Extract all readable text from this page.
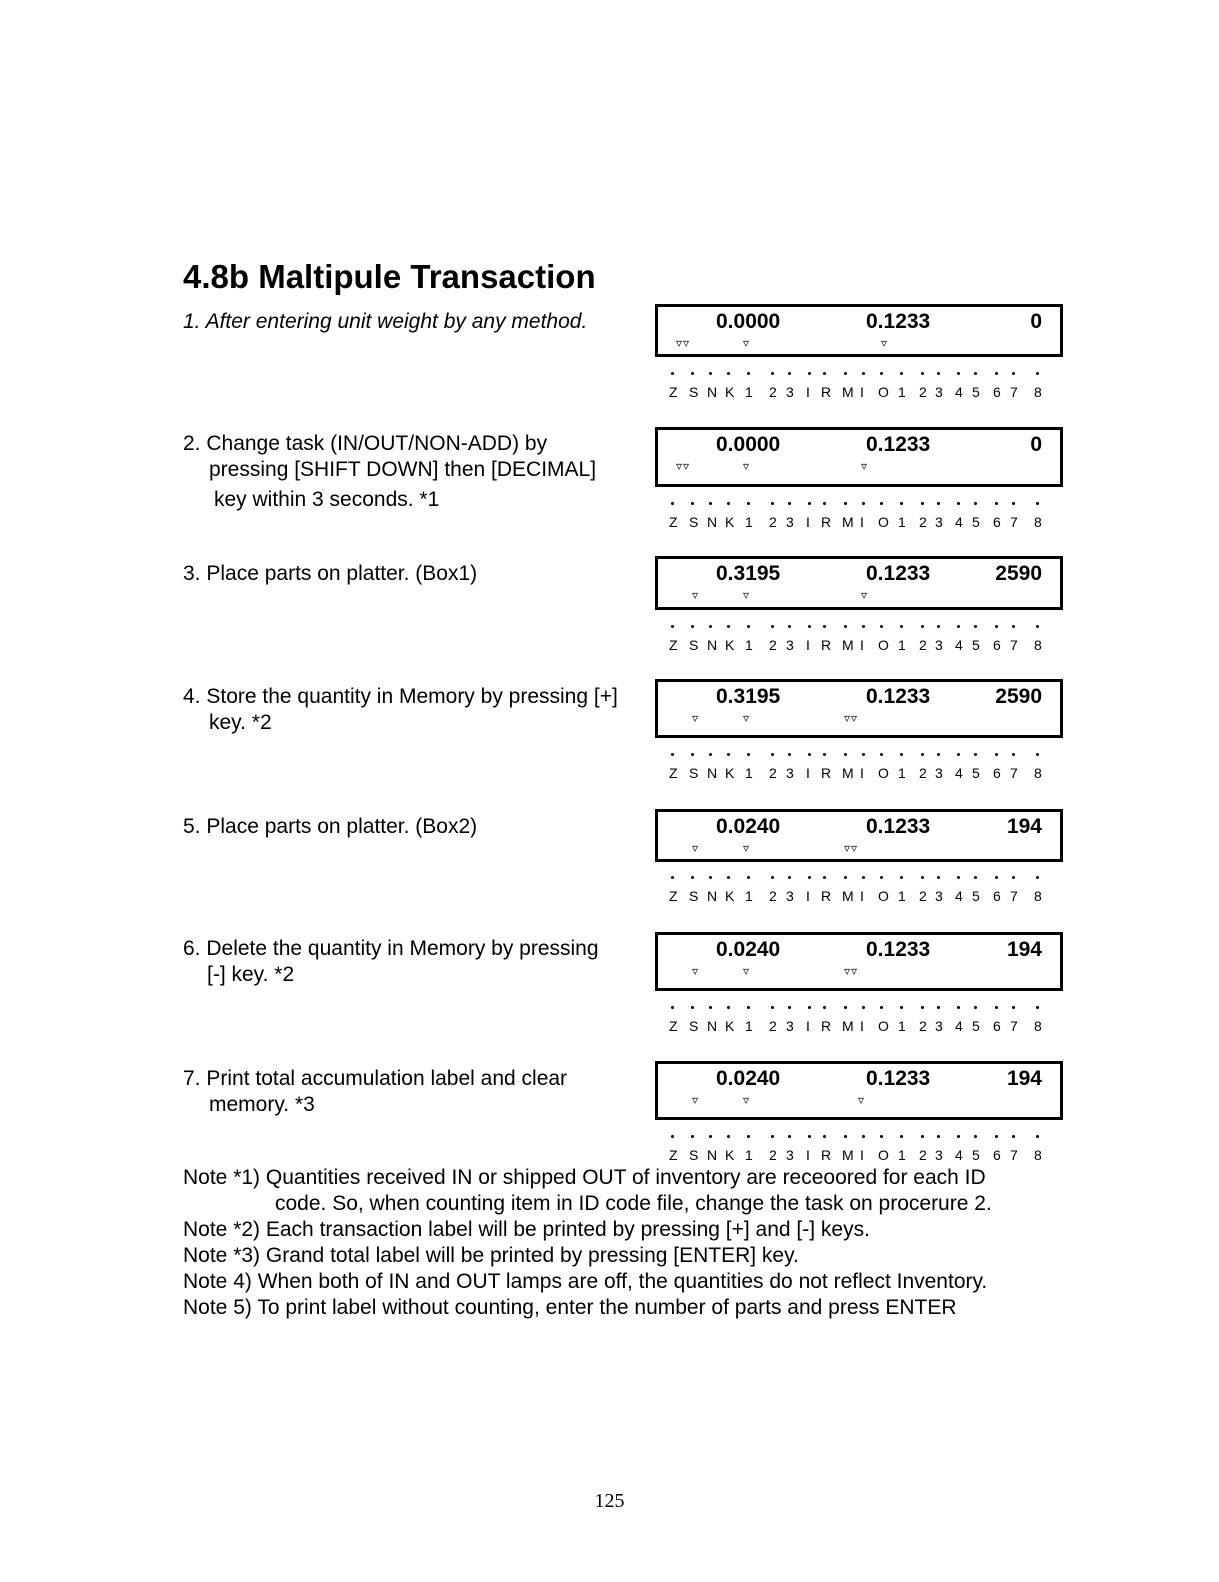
4.8b Maltipule Transaction
1. After entering unit weight by any method.
2. Change task (IN/OUT/NON-ADD) by
pressing [SHIFT DOWN] then [DECIMAL]
key within 3 seconds. *1
3. Place parts on platter. (Box1)
4. Store the quantity in Memory by pressing [+]
key. *2
5. Place parts on platter. (Box2)
6. Delete the quantity in Memory by pressing
[-] key. *2
7. Print total accumulation label and clear
memory. *3
0.0000	0.1233	0
▿▿	▿	▿
Z S N K 1 2 3 I R M I O 1 2 3 4 5 6 7 8
0.0000	0.1233	0
▿▿	▿	▿
Z S N K 1 2 3 I R M I O 1 2 3 4 5 6 7 8
0.3195	0.1233	2590
▿	▿	▿
Z S N K 1 2 3 I R M I O 1 2 3 4 5 6 7 8
0.3195	0.1233	2590
▿	▿	▿▿
Z S N K 1 2 3 I R M I O 1 2 3 4 5 6 7 8
0.0240	0.1233	194
▿	▿	▿▿
Z S N K 1 2 3 I R M I O 1 2 3 4 5 6 7 8
0.0240	0.1233	194
▿	▿	▿▿
Z S N K 1 2 3 I R M I O 1 2 3 4 5 6 7 8
0.0240	0.1233	194
▿	▿	▿
Z S N K 1 2 3 I R M I O 1 2 3 4 5 6 7 8
Note *1) Quantities received IN or shipped OUT of inventory are receoored for each ID
code. So, when counting item in ID code file, change the task on procerure 2.
Note *2) Each transaction label will be printed by pressing [+] and [-] keys.
Note *3) Grand total label will be printed by pressing [ENTER] key.
Note 4) When both of IN and OUT lamps are off, the quantities do not reflect Inventory.
Note 5) To print label without counting, enter the number of parts and press ENTER
125
